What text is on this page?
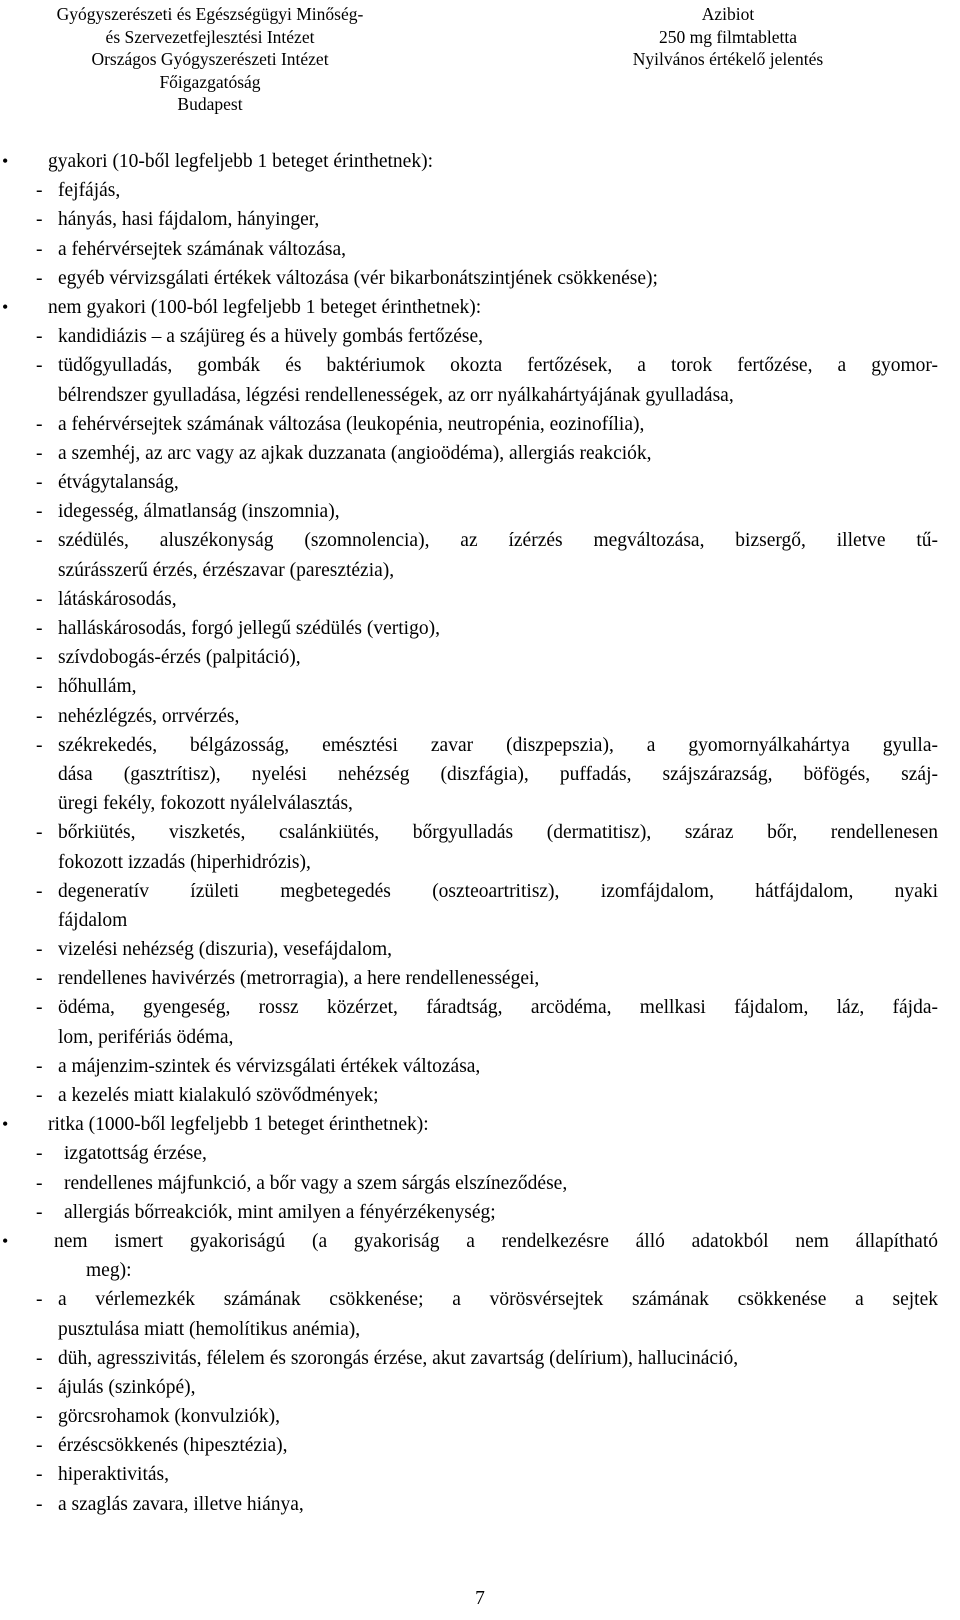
Gyógyszerészeti és Egészségügyi Minőség-
és Szervezetfejlesztési Intézet
Országos Gyógyszerészeti Intézet
Főigazgatóság
Budapest
Azibiot
250 mg filmtabletta
Nyilvános értékelő jelentés
• gyakori (10-ből legfeljebb 1 beteget érinthetnek):
- fejfájás,
- hányás, hasi fájdalom, hányinger,
- a fehérvérsejtek számának változása,
- egyéb vérvizsgálati értékek változása (vér bikarbonátszintjének csökkenése);
• nem gyakori (100-ból legfeljebb 1 beteget érinthetnek):
- kandidiázis – a szájüreg és a hüvely gombás fertőzése,
- tüdőgyulladás, gombák és baktériumok okozta fertőzések, a torok fertőzése, a gyomor-
bélrendszer gyulladása, légzési rendellenességek, az orr nyálkahártyájának gyulladása,
- a fehérvérsejtek számának változása (leukopénia, neutropénia, eozinofília),
- a szemhéj, az arc vagy az ajkak duzzanata (angioödéma), allergiás reakciók,
- étvágytalanság,
- idegesség, álmatlanság (inszomnia),
- szédülés, aluszékonyság (szomnolencia), az ízérzés megváltozása, bizsergő, illetve tű-
szúrásszerű érzés, érzészavar (paresztézia),
- látáskárosodás,
- halláskárosodás, forgó jellegű szédülés (vertigo),
- szívdobogás-érzés (palpitáció),
- hőhullám,
- nehézlégzés, orrvérzés,
- székrekedés, bélgázosság, emésztési zavar (diszpepszia), a gyomornyálkahártya gyulla-
dása (gasztrítisz), nyelési nehézség (diszfágia), puffadás, szájszárazság, böfögés, száj-
üregi fekély, fokozott nyálelválasztás,
- bőrkiütés, viszketés, csalánkiütés, bőrgyulladás (dermatitisz), száraz bőr, rendellenesen
fokozott izzadás (hiperhidrózis),
- degeneratív ízületi megbetegedés (oszteoartritisz), izomfájdalom, hátfájdalom, nyaki
fájdalom
- vizelési nehézség (diszuria), vesefájdalom,
- rendellenes havivérzés (metrorragia), a here rendellenességei,
- ödéma, gyengeség, rossz közérzet, fáradtság, arcödéma, mellkasi fájdalom, láz, fájda-
lom, perifériás ödéma,
- a májenzim-szintek és vérvizsgálati értékek változása,
- a kezelés miatt kialakuló szövődmények;
• ritka (1000-ből legfeljebb 1 beteget érinthetnek):
- izgatottság érzése,
- rendellenes májfunkció, a bőr vagy a szem sárgás elszíneződése,
- allergiás bőrreakciók, mint amilyen a fényérzékenység;
• nem ismert gyakoriságú (a gyakoriság a rendelkezésre álló adatokból nem állapítható
meg):
- a vérlemezkék számának csökkenése; a vörösvérsejtek számának csökkenése a sejtek
pusztulása miatt (hemolítikus anémia),
- düh, agresszivitás, félelem és szorongás érzése, akut zavartság (delírium), hallucináció,
- ájulás (szinkópé),
- görcsrohamok (konvulziók),
- érzéscsökkenés (hipesztézia),
- hiperaktivitás,
- a szaglás zavara, illetve hiánya,
7
